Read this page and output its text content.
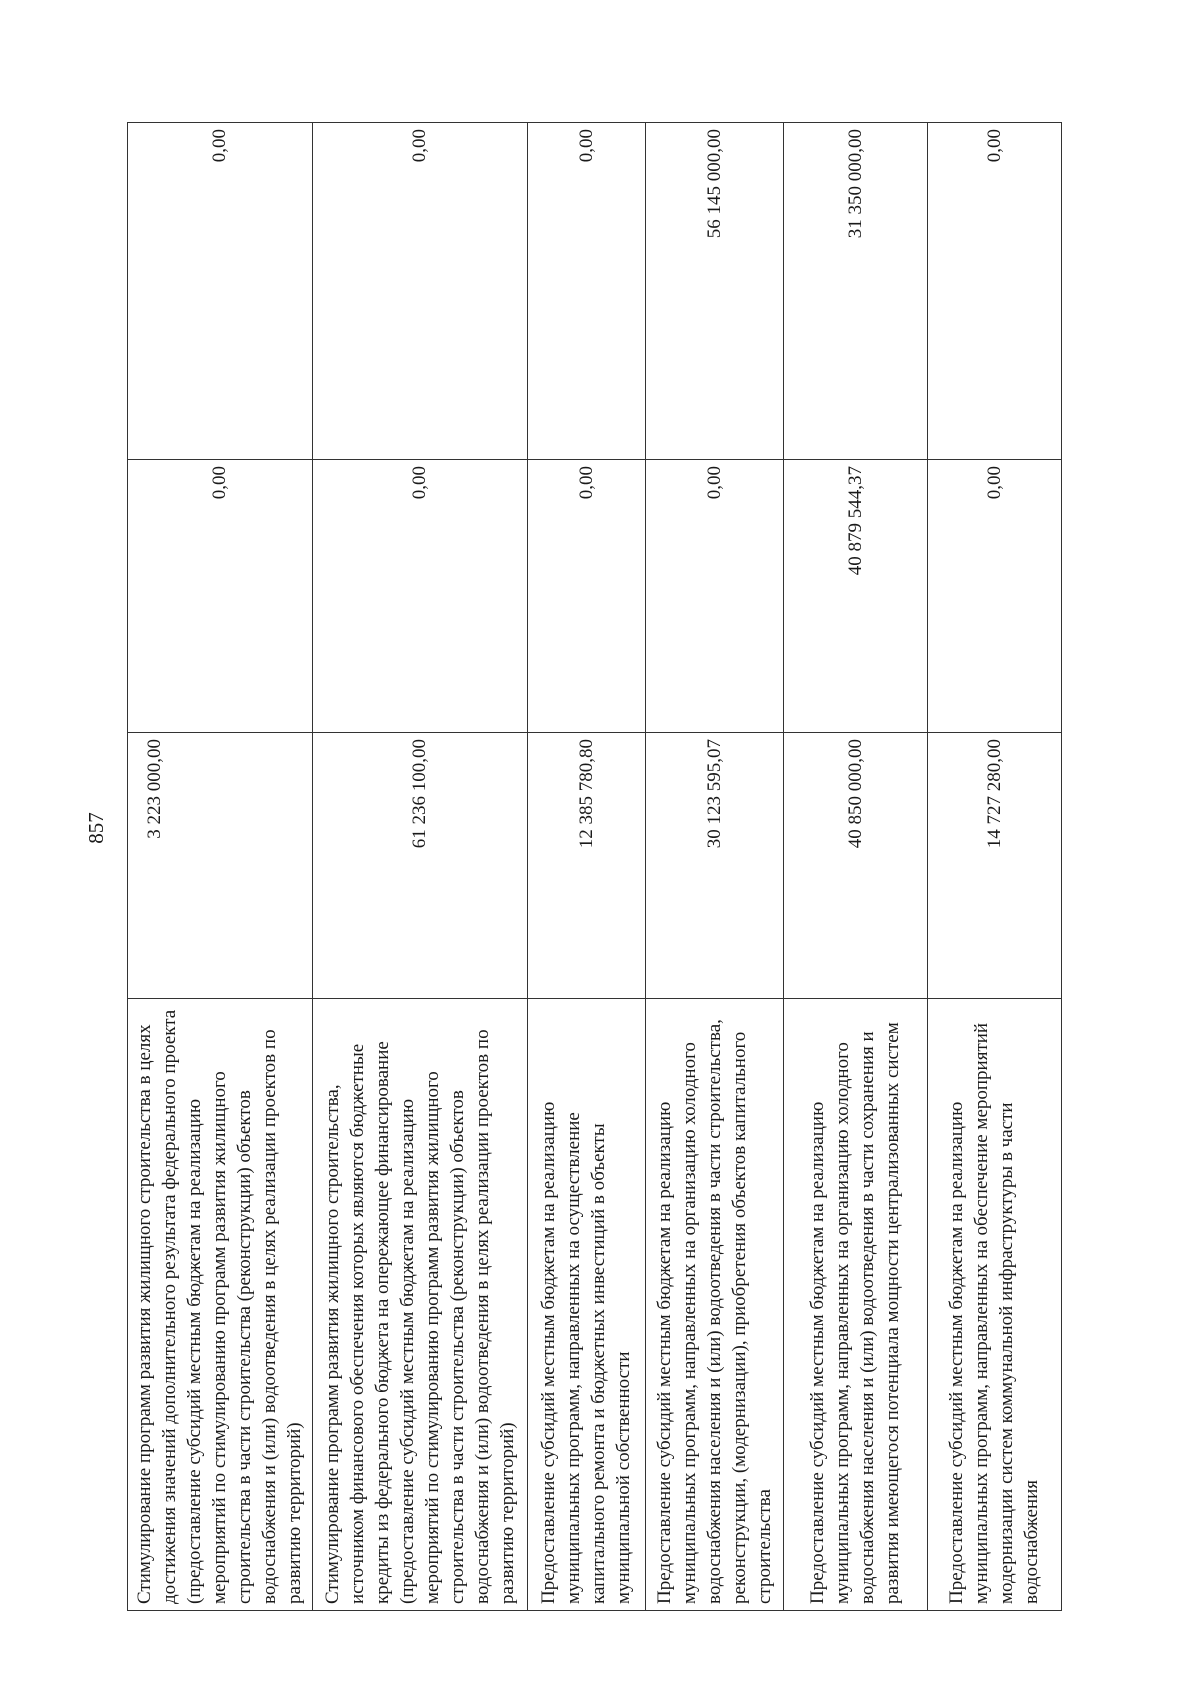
857
Стимулирование программ развития жилищного строительства в целях достижения значений дополнительного результата федерального проекта (предоставление субсидий местным бюджетам на реализацию мероприятий по стимулированию программ развития жилищного строительства в части строительства (реконструкции) объектов водоснабжения и (или) водоотведения в целях реализации проектов по развитию территорий)	3 223 000,00	0,00	0,00
Стимулирование программ развития жилищного строительства, источником финансового обеспечения которых являются бюджетные кредиты из федерального бюджета на опережающее финансирование (предоставление субсидий местным бюджетам на реализацию мероприятий по стимулированию программ развития жилищного строительства в части строительства (реконструкции) объектов водоснабжения и (или) водоотведения в целях реализации проектов по развитию территорий)	61 236 100,00	0,00	0,00
Предоставление субсидий местным бюджетам на реализацию муниципальных программ, направленных на осуществление капитального ремонта и бюджетных инвестиций в объекты муниципальной собственности	12 385 780,80	0,00	0,00
Предоставление субсидий местным бюджетам на реализацию муниципальных программ, направленных на организацию холодного водоснабжения населения и (или) водоотведения в части строительства, реконструкции, (модернизации), приобретения объектов капитального строительства	30 123 595,07	0,00	56 145 000,00
Предоставление субсидий местным бюджетам на реализацию муниципальных программ, направленных на организацию холодного водоснабжения населения и (или) водоотведения в части сохранения и развития имеющегося потенциала мощности централизованных систем	40 850 000,00	40 879 544,37	31 350 000,00
Предоставление субсидий местным бюджетам на реализацию муниципальных программ, направленных на обеспечение мероприятий модернизации систем коммунальной инфраструктуры в части водоснабжения	14 727 280,00	0,00	0,00
